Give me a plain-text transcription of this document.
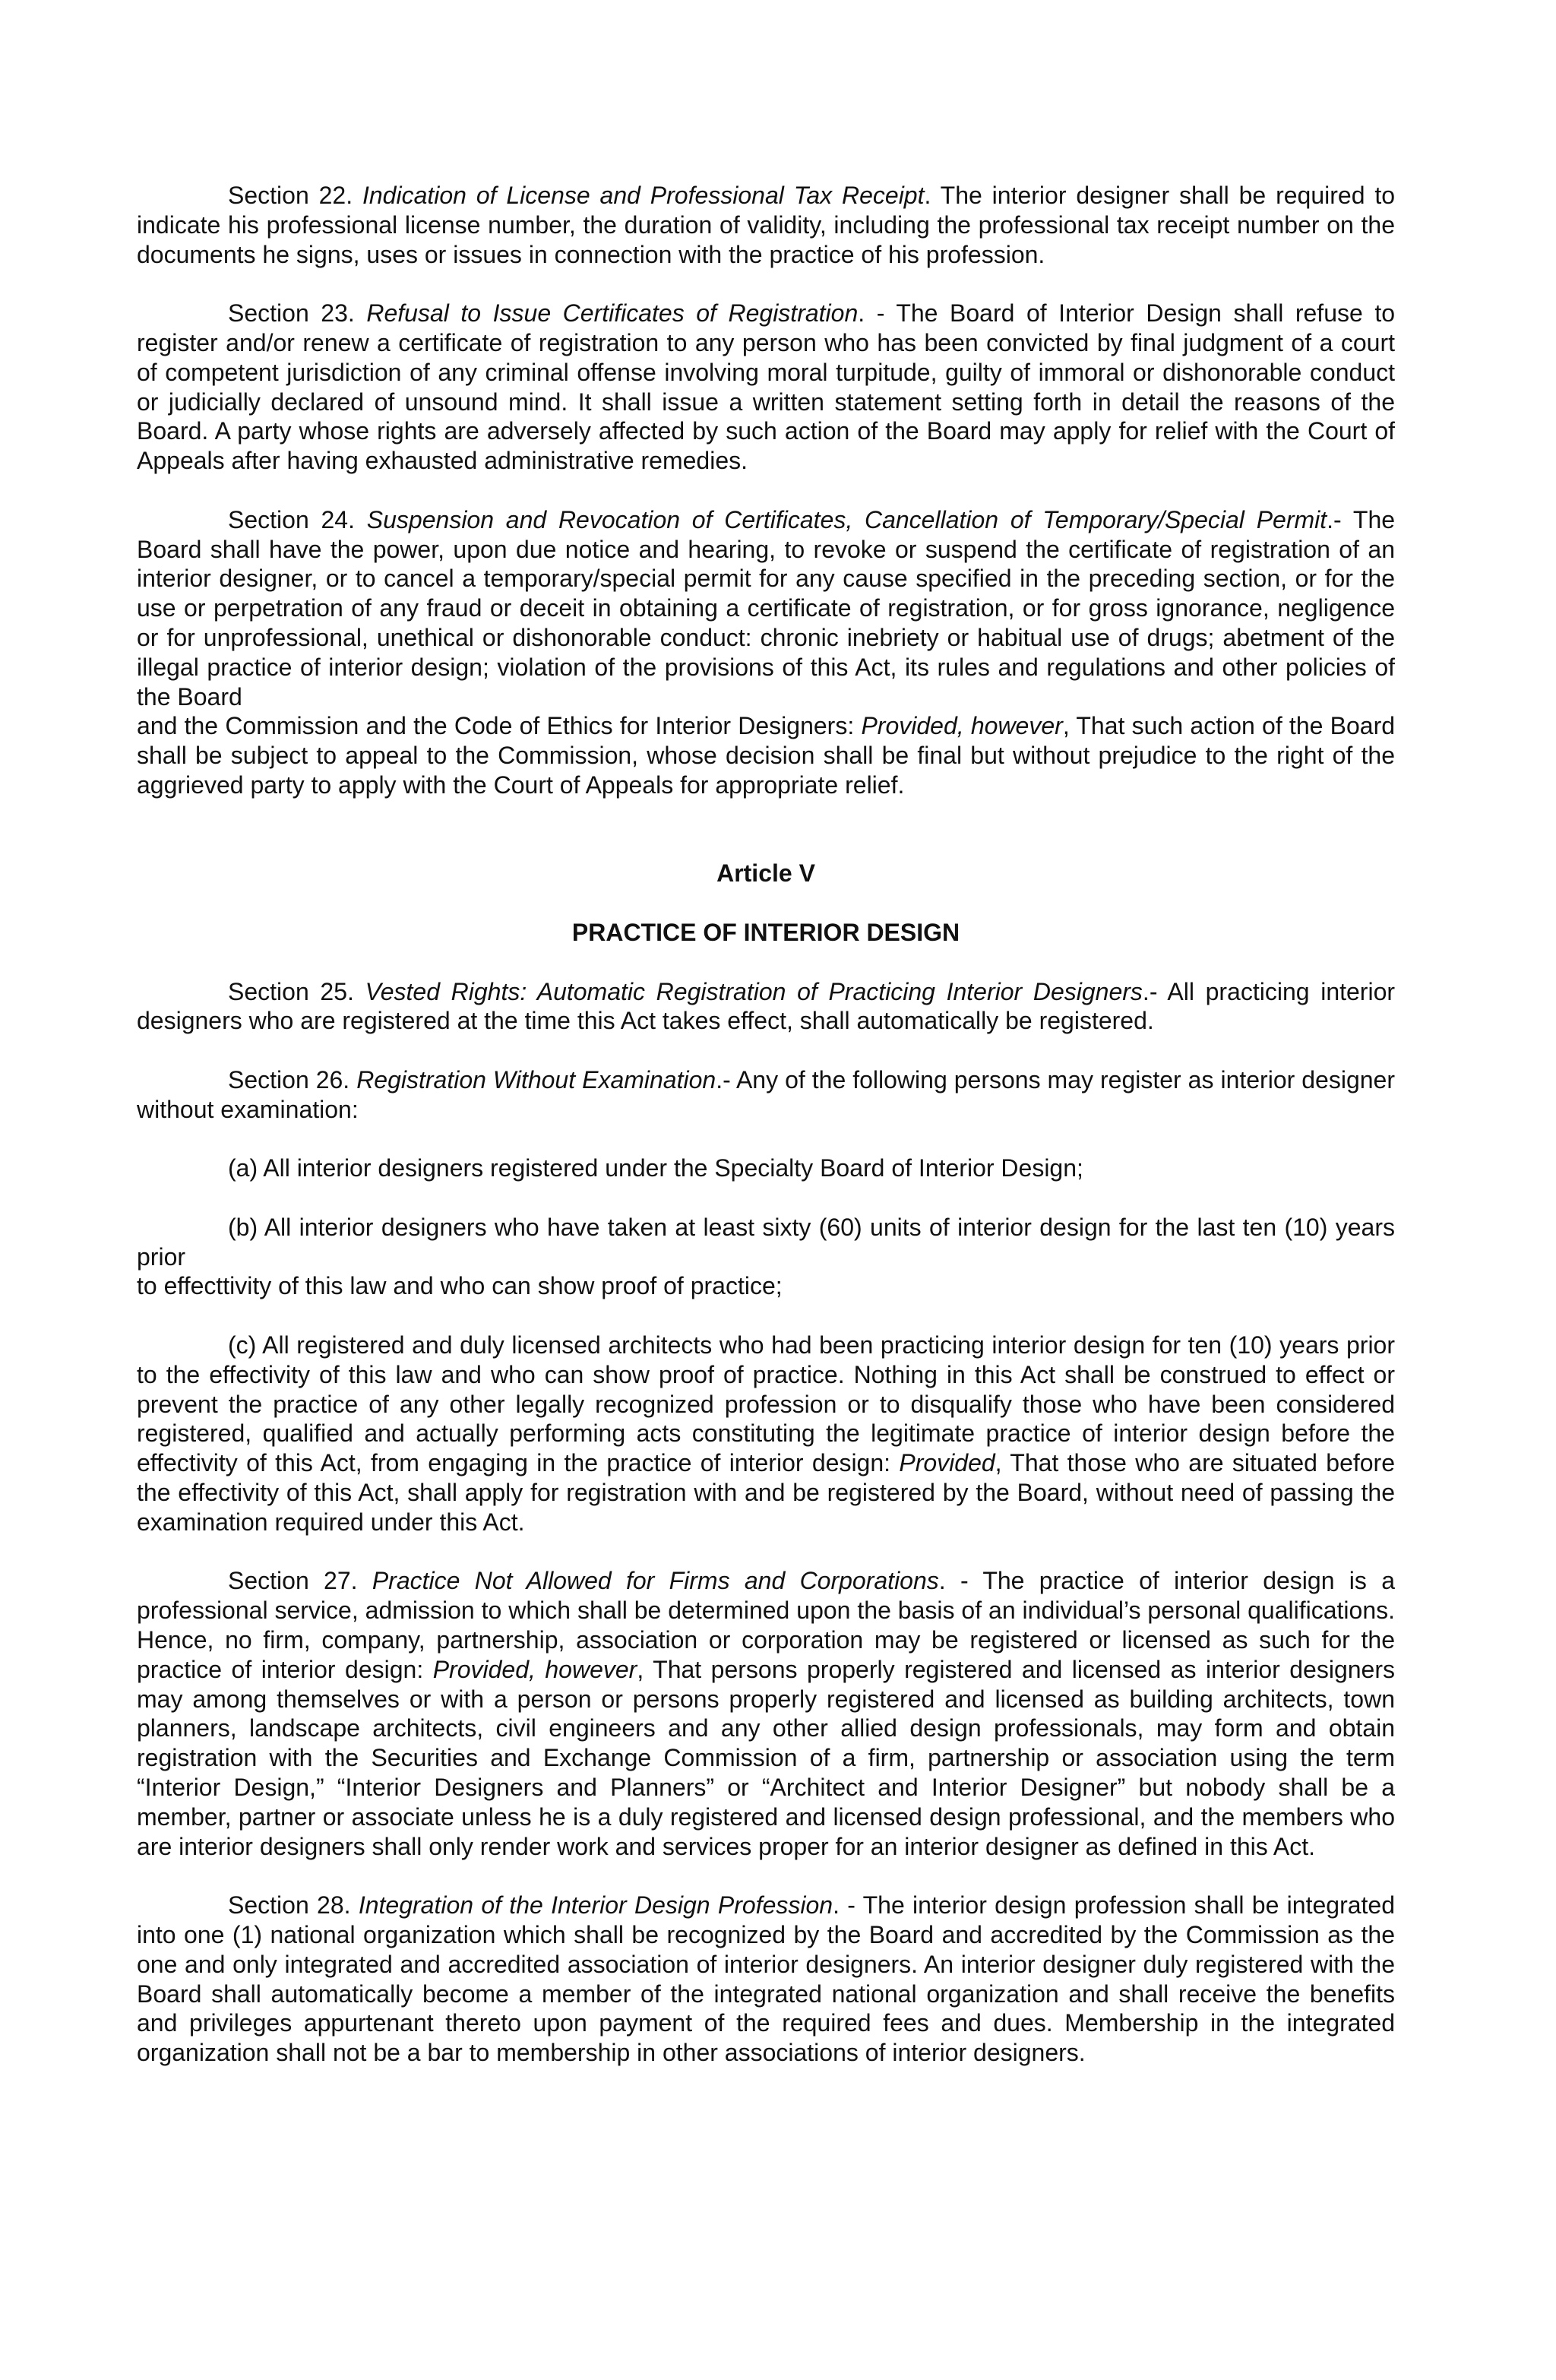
Section 22. Indication of License and Professional Tax Receipt. The interior designer shall be required to indicate his professional license number, the duration of validity, including the professional tax receipt number on the documents he signs, uses or issues in connection with the practice of his profession.

Section 23. Refusal to Issue Certificates of Registration. - The Board of Interior Design shall refuse to register and/or renew a certificate of registration to any person who has been convicted by final judgment of a court of competent jurisdiction of any criminal offense involving moral turpitude, guilty of immoral or dishonorable conduct or judicially declared of unsound mind. It shall issue a written statement setting forth in detail the reasons of the Board. A party whose rights are adversely affected by such action of the Board may apply for relief with the Court of Appeals after having exhausted administrative remedies.

Section 24. Suspension and Revocation of Certificates, Cancellation of Temporary/Special Permit.- The Board shall have the power, upon due notice and hearing, to revoke or suspend the certificate of registration of an interior designer, or to cancel a temporary/special permit for any cause specified in the preceding section, or for the use or perpetration of any fraud or deceit in obtaining a certificate of registration, or for gross ignorance, negligence or for unprofessional, unethical or dishonorable conduct: chronic inebriety or habitual use of drugs; abetment of the illegal practice of interior design; violation of the provisions of this Act, its rules and regulations and other policies of the Board

and the Commission and the Code of Ethics for Interior Designers: Provided, however, That such action of the Board shall be subject to appeal to the Commission, whose decision shall be final but without prejudice to the right of the aggrieved party to apply with the Court of Appeals for appropriate relief.

Article V
PRACTICE OF INTERIOR DESIGN

Section 25. Vested Rights: Automatic Registration of Practicing Interior Designers.- All practicing interior designers who are registered at the time this Act takes effect, shall automatically be registered.

Section 26. Registration Without Examination.- Any of the following persons may register as interior designer without examination:

(a) All interior designers registered under the Specialty Board of Interior Design;

(b) All interior designers who have taken at least sixty (60) units of interior design for the last ten (10) years prior

to effecttivity of this law and who can show proof of practice;

(c) All registered and duly licensed architects who had been practicing interior design for ten (10) years prior to the effectivity of this law and who can show proof of practice. Nothing in this Act shall be construed to effect or prevent the practice of any other legally recognized profession or to disqualify those who have been considered registered, qualified and actually performing acts constituting the legitimate practice of interior design before the effectivity of this Act, from engaging in the practice of interior design: Provided, That those who are situated before the effectivity of this Act, shall apply for registration with and be registered by the Board, without need of passing the examination required under this Act.

Section 27. Practice Not Allowed for Firms and Corporations. - The practice of interior design is a professional service, admission to which shall be determined upon the basis of an individual’s personal qualifications. Hence, no firm, company, partnership, association or corporation may be registered or licensed as such for the practice of interior design: Provided, however, That persons properly registered and licensed as interior designers may among themselves or with a person or persons properly registered and licensed as building architects, town planners, landscape architects, civil engineers and any other allied design professionals, may form and obtain registration with the Securities and Exchange Commission of a firm, partnership or association using the term “Interior Design,” “Interior Designers and Planners” or “Architect and Interior Designer” but nobody shall be a member, partner or associate unless he is a duly registered and licensed design professional, and the members who are interior designers shall only render work and services proper for an interior designer as defined in this Act.

Section 28. Integration of the Interior Design Profession. - The interior design profession shall be integrated into one (1) national organization which shall be recognized by the Board and accredited by the Commission as the one and only integrated and accredited association of interior designers. An interior designer duly registered with the Board shall automatically become a member of the integrated national organization and shall receive the benefits and privileges appurtenant thereto upon payment of the required fees and dues. Membership in the integrated organization shall not be a bar to membership in other associations of interior designers.
